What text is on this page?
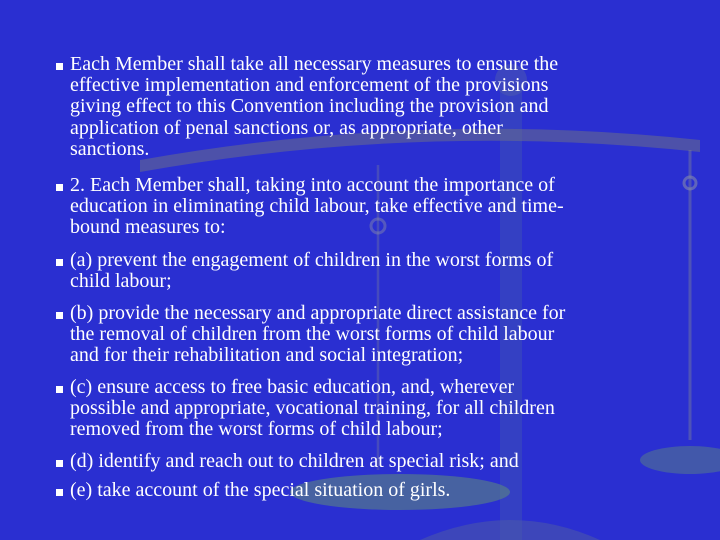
Each Member shall take all necessary measures to ensure the
effective implementation and enforcement of the provisions
giving effect to this Convention including the provision and
application of penal sanctions or, as appropriate, other
sanctions.
2. Each Member shall, taking into account the importance of
education in eliminating child labour, take effective and time-
bound measures to:
(a) prevent the engagement of children in the worst forms of
child labour;
(b) provide the necessary and appropriate direct assistance for
the removal of children from the worst forms of child labour
and for their rehabilitation and social integration;
(c) ensure access to free basic education, and, wherever
possible and appropriate, vocational training, for all children
removed from the worst forms of child labour;
(d) identify and reach out to children at special risk; and
(e) take account of the special situation of girls.
